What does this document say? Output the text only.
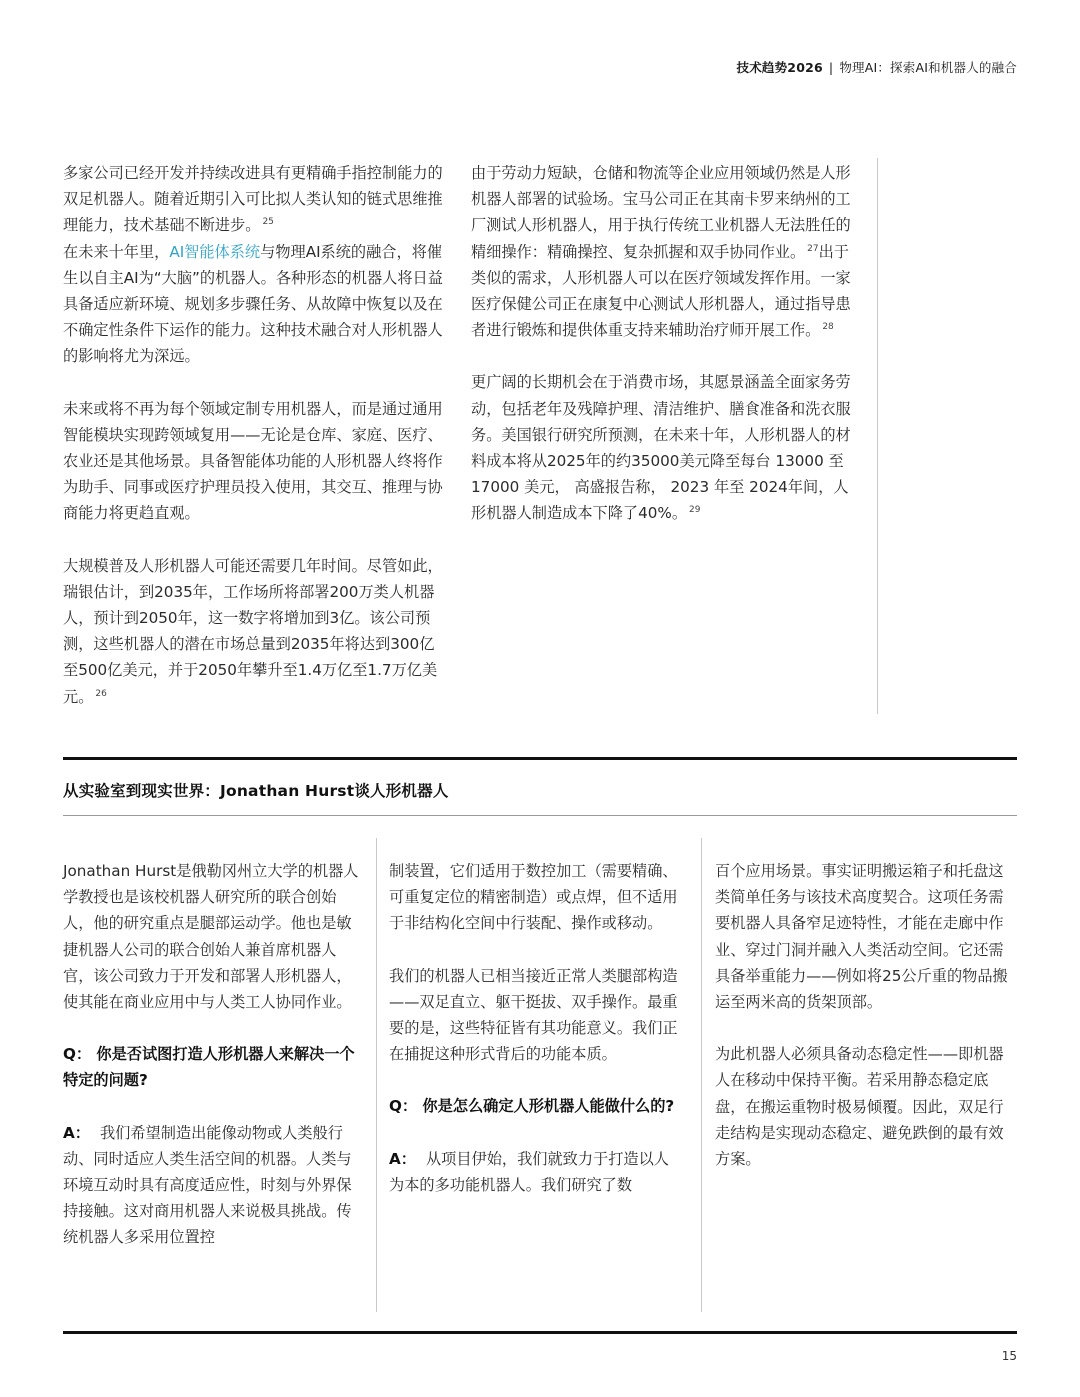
技术趋势2026 | 物理AI：探索AI和机器人的融合

多家公司已经开发并持续改进具有更精确手指控制能力的双足机器人。随着近期引入可比拟人类认知的链式思维推理能力，技术基础不断进步。 $^{25}$

在未来十年里，AI智能体系统与物理AI系统的融合，将催生以自主AI为“大脑”的机器人。各种形态的机器人将日益具备适应新环境、规划多步骤任务、从故障中恢复以及在不确定性条件下运作的能力。这种技术融合对人形机器人的影响将尤为深远。

未来或将不再为每个领域定制专用机器人，而是通过通用智能模块实现跨领域复用——无论是仓库、家庭、医疗、农业还是其他场景。具备智能体功能的人形机器人终将作为助手、同事或医疗护理员投入使用，其交互、推理与协商能力将更趋直观。

大规模普及人形机器人可能还需要几年时间。尽管如此，瑞银估计，到2035年，工作场所将部署200万类人机器人，预计到2050年，这一数字将增加到3亿。该公司预测，这些机器人的潜在市场总量到2035年将达到300亿至500亿美元，并于2050年攀升至1.4万亿至1.7万亿美元。 $^{26}$

由于劳动力短缺，仓储和物流等企业应用领域仍然是人形机器人部署的试验场。宝马公司正在其南卡罗来纳州的工厂测试人形机器人，用于执行传统工业机器人无法胜任的精细操作：精确操控、复杂抓握和双手协同作业。 $^{27}$出于类似的需求，人形机器人可以在医疗领域发挥作用。一家医疗保健公司正在康复中心测试人形机器人，通过指导患者进行锻炼和提供体重支持来辅助治疗师开展工作。 $^{28}$

更广阔的长期机会在于消费市场，其愿景涵盖全面家务劳动，包括老年及残障护理、清洁维护、膳食准备和洗衣服务。美国银行研究所预测，在未来十年，人形机器人的材料成本将从2025年的约35000美元降至每台 13000 至 17000 美元， 高盛报告称， 2023 年至 2024年间，人形机器人制造成本下降了40%。 $^{29}$

从实验室到现实世界：Jonathan Hurst谈人形机器人

Jonathan Hurst是俄勒冈州立大学的机器人学教授也是该校机器人研究所的联合创始人，他的研究重点是腿部运动学。他也是敏捷机器人公司的联合创始人兼首席机器人官，该公司致力于开发和部署人形机器人，使其能在商业应用中与人类工人协同作业。

Q： 你是否试图打造人形机器人来解决一个特定的问题?

A： 我们希望制造出能像动物或人类般行动、同时适应人类生活空间的机器。人类与环境互动时具有高度适应性，时刻与外界保持接触。这对商用机器人来说极具挑战。传统机器人多采用位置控

制装置，它们适用于数控加工（需要精确、可重复定位的精密制造）或点焊，但不适用于非结构化空间中行装配、操作或移动。

我们的机器人已相当接近正常人类腿部构造——双足直立、躯干挺拔、双手操作。最重要的是，这些特征皆有其功能意义。我们正在捕捉这种形式背后的功能本质。

Q： 你是怎么确定人形机器人能做什么的?

A： 从项目伊始，我们就致力于打造以人为本的多功能机器人。我们研究了数

百个应用场景。事实证明搬运箱子和托盘这类简单任务与该技术高度契合。这项任务需要机器人具备窄足迹特性，才能在走廊中作业、穿过门洞并融入人类活动空间。它还需具备举重能力——例如将25公斤重的物品搬运至两米高的货架顶部。

为此机器人必须具备动态稳定性——即机器人在移动中保持平衡。若采用静态稳定底盘，在搬运重物时极易倾覆。因此，双足行走结构是实现动态稳定、避免跌倒的最有效方案。

15
